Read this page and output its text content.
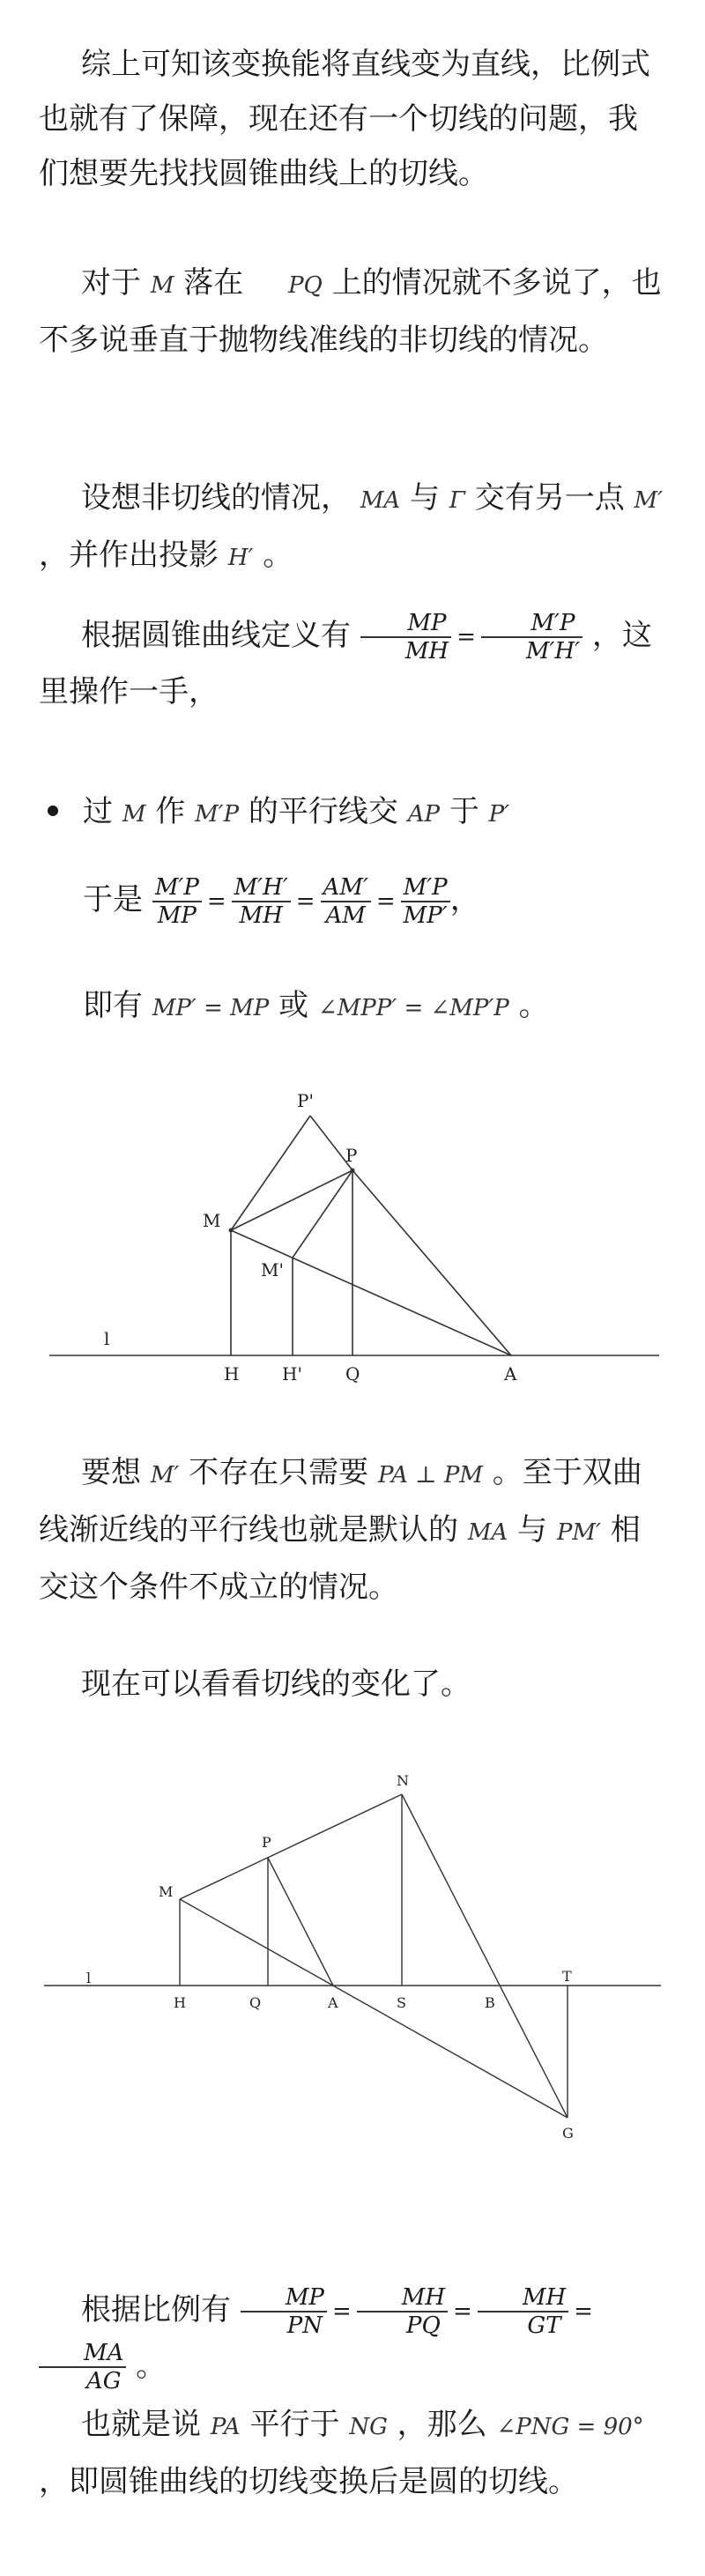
综上可知该变换能将直线变为直线，比例式也就有了保障，现在还有一个切线的问题，我们想要先找找圆锥曲线上的切线。
对于 M 落在 PQ 上的情况就不多说了，也不多说垂直于抛物线准线的非切线的情况。
设想非切线的情况， MA 与 Γ 交有另一点 M′ ，并作出投影 H′ 。
根据圆锥曲线定义有 $\frac{MP}{MH} = \frac{M'P}{M'H'}$ ，这里操作一手，
过 M 作 M′P 的平行线交 AP 于 P′
于是 $\frac{M'P}{MP} = \frac{M'H'}{MH} = \frac{AM'}{AM} = \frac{M'P}{MP'}$ ，
即有 MP′ = MP 或 ∠MPP′ = ∠MP′P 。
P'
P
M
M'
l
H H' Q	A
要想 M′ 不存在只需要 PA ⊥ PM 。至于双曲线渐近线的平行线也就是默认的 MA 与 PM′ 相交这个条件不成立的情况。
现在可以看看切线的变化了。
N
P
M
l
H	Q	A	S	B
T
G
根据比例有 $\frac{MP}{PN} = \frac{MH}{PQ} = \frac{MH}{GT}$ =
$\frac{MA}{AG}$ 。
也就是说 PA 平行于 NG ，那么 ∠PNG = 90° ，即圆锥曲线的切线变换后是圆的切线。
